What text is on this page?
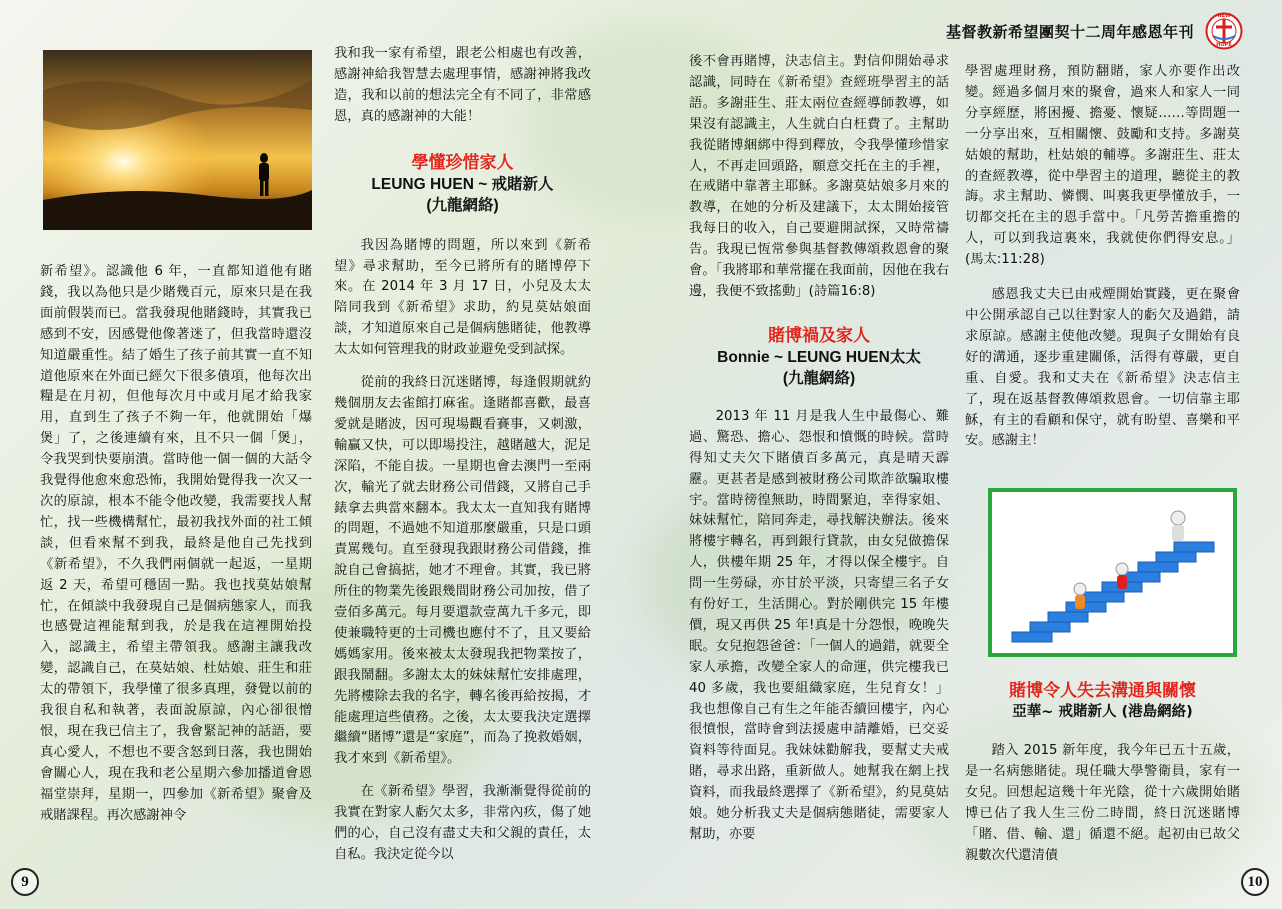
基督教新希望團契十二周年感恩年刊
NEW
HOPE

新希望》。認識他 6 年，一直都知道他有賭錢，我以為他只是少賭幾百元，原來只是在我面前假裝而已。當我發現他賭錢時，其實我已感到不安，因感覺他像著迷了，但我當時還沒知道嚴重性。結了婚生了孩子前其實一直不知道他原來在外面已經欠下很多債項，他每次出糧是在月初，但他每次月中或月尾才給我家用，直到生了孩子不夠一年，他就開始「爆煲」了，之後連續有來，且不只一個「煲」，令我哭到快要崩潰。當時他一個一個的大話令我覺得他愈來愈恐怖，我開始覺得我一次又一次的原諒，根本不能令他改變，我需要找人幫忙，找一些機構幫忙，最初我找外面的社工傾談，但看來幫不到我，最終是他自己先找到《新希望》，不久我們兩個就一起返，一星期返 2 天，希望可穩固一點。我也找莫姑娘幫忙，在傾談中我發現自己是個病態家人，而我也感覺這裡能幫到我，於是我在這裡開始投入，認識主，希望主帶領我。感謝主讓我改變，認識自己，在莫姑娘、杜姑娘、莊生和莊太的帶領下，我學懂了很多真理，發覺以前的我很自私和執著，表面說原諒，內心卻很憎恨，現在我已信主了，我會緊記神的話語，要真心愛人，不想也不要含怒到日落，我也開始會關心人，現在我和老公星期六參加播道會恩福堂崇拜，星期一，四參加《新希望》聚會及戒賭課程。再次感謝神令

我和我一家有希望，跟老公相處也有改善，感謝神給我智慧去處理事情，感謝神將我改造，我和以前的想法完全有不同了，非常感恩，真的感謝神的大能！

學懂珍惜家人
LEUNG HUEN ~ 戒賭新人
(九龍網絡)

我因為賭博的問題，所以來到《新希望》尋求幫助，至今已將所有的賭博停下來。在 2014 年 3 月 17 日，小兒及太太陪同我到《新希望》求助，約見莫姑娘面談，才知道原來自己是個病態賭徒，他教導太太如何管理我的財政並避免受到試探。

從前的我終日沉迷賭博，每逢假期就約幾個朋友去雀館打麻雀。逢賭都喜歡，最喜愛就是賭波，因可現場觀看賽事，又刺激，輸贏又快，可以即場投注，越賭越大，泥足深陷，不能自拔。一星期也會去澳門一至兩次，輸光了就去財務公司借錢，又將自己手錶拿去典當來翻本。我太太一直知我有賭博的問題，不過她不知道那麼嚴重，只是口頭責罵幾句。直至發現我跟財務公司借錢，推說自己會搞掂，她才不理會。其實，我已將所住的物業先後跟幾間財務公司加按，借了壹佰多萬元。每月要還款壹萬九千多元，即使兼職特更的士司機也應付不了，且又要給媽媽家用。後來被太太發現我把物業按了，跟我鬧翻。多謝太太的妹妹幫忙安排處理，先將樓除去我的名字，轉名後再給按揭，才能處理這些債務。之後，太太要我決定選擇繼續“賭博”還是“家庭”，而為了挽救婚姻，我才來到《新希望》。

在《新希望》學習，我漸漸覺得從前的我實在對家人虧欠太多，非常內疚，傷了她們的心，自己沒有盡丈夫和父親的責任，太自私。我決定從今以

後不會再賭博，決志信主。對信仰開始尋求認識，同時在《新希望》查經班學習主的話語。多謝莊生、莊太兩位查經導師教導，如果沒有認識主，人生就白白枉費了。主幫助我從賭博綑綁中得到釋放，令我學懂珍惜家人，不再走回頭路，願意交托在主的手裡，在戒賭中靠著主耶穌。多謝莫姑娘多月來的教導，在她的分析及建議下，太太開始接管我每日的收入，自己要避開試探，又時常禱告。我現已恆常參與基督教傳頌救恩會的聚會。「我將耶和華常擺在我面前，因他在我右邊，我便不致搖動」(詩篇16:8)

賭博禍及家人
Bonnie ~ LEUNG HUEN太太
(九龍網絡)

2013 年 11 月是我人生中最傷心、難過、驚恐、擔心、怨恨和憤慨的時候。當時得知丈夫欠下賭債百多萬元，真是晴天霹靂。更甚者是感到被財務公司欺詐欲騙取樓宇。當時徬徨無助，時間緊迫，幸得家姐、妹妹幫忙，陪同奔走，尋找解決辦法。後來將樓宇轉名，再到銀行貸款，由女兒做擔保人，供樓年期 25 年，才得以保全樓宇。自問一生勞碌，亦甘於平淡，只寄望三名子女有份好工，生活開心。對於剛供完 15 年樓價，現又再供 25 年!真是十分怨恨，晚晚失眠。女兒抱怨爸爸：「一個人的過錯，就要全家人承擔，改變全家人的命運，供完樓我已 40 多歲，我也要組織家庭，生兒育女！」我也想像自己有生之年能否續回樓宇，內心很憤恨，當時會到法援處申請離婚，已交妥資料等待面見。我妹妹勸解我，要幫丈夫戒賭，尋求出路，重新做人。她幫我在網上找資料，而我最終選擇了《新希望》，約見莫姑娘。她分析我丈夫是個病態賭徒，需要家人幫助，亦要

學習處理財務，預防翻賭，家人亦要作出改變。經過多個月來的聚會，過來人和家人一同分享經歷，將困擾、擔憂、懷疑……等問題一一分享出來，互相關懷、鼓勵和支持。多謝莫姑娘的幫助，杜姑娘的輔導。多謝莊生、莊太的查經教導，從中學習主的道理，聽從主的教誨。求主幫助、憐憫、叫裏我更學懂放手，一切都交托在主的恩手當中。「凡勞苦擔重擔的人，可以到我這裏來，我就使你們得安息。」(馬太:11:28)

感恩我丈夫已由戒煙開始實踐，更在聚會中公開承認自己以往對家人的虧欠及過錯，請求原諒。感謝主使他改變。現與子女開始有良好的溝通，逐步重建關係，活得有尊嚴，更自重、自愛。我和丈夫在《新希望》決志信主了，現在返基督教傳頌救恩會。一切信靠主耶穌，有主的看顧和保守，就有盼望、喜樂和平安。感謝主！

賭博令人失去溝通與關懷
亞華~ 戒賭新人 (港島網絡)

踏入 2015 新年度，我今年已五十五歲，是一名病態賭徒。現任職大學警衛員，家有一女兒。回想起這幾十年光陰，從十六歲開始賭博已佔了我人生三份二時間，終日沉迷賭博「賭、借、輸、還」循還不絕。起初由已故父親數次代還清債

9	10
